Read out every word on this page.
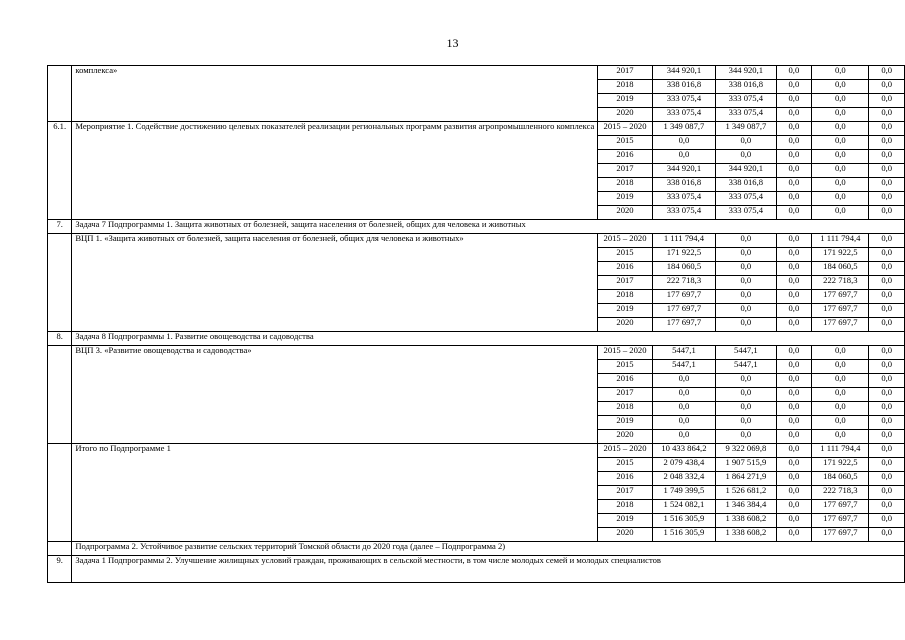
13
	комплекса»	2017	344 920,1	344 920,1	0,0	0,0	0,0
		2018	338 016,8	338 016,8	0,0	0,0	0,0
		2019	333 075,4	333 075,4	0,0	0,0	0,0
		2020	333 075,4	333 075,4	0,0	0,0	0,0
6.1.	Мероприятие 1. Содействие достижению целевых показателей реализации региональных программ развития агропромышленного комплекса	2015 – 2020	1 349 087,7	1 349 087,7	0,0	0,0	0,0
		2015	0,0	0,0	0,0	0,0	0,0
		2016	0,0	0,0	0,0	0,0	0,0
		2017	344 920,1	344 920,1	0,0	0,0	0,0
		2018	338 016,8	338 016,8	0,0	0,0	0,0
		2019	333 075,4	333 075,4	0,0	0,0	0,0
		2020	333 075,4	333 075,4	0,0	0,0	0,0
7.	Задача 7 Подпрограммы 1. Защита животных от болезней, защита населения от болезней, общих для человека и животных						
	ВЦП 1. «Защита животных от болезней, защита населения от болезней, общих для человека и животных»	2015 – 2020	1 111 794,4	0,0	0,0	1 111 794,4	0,0
		2015	171 922,5	0,0	0,0	171 922,5	0,0
		2016	184 060,5	0,0	0,0	184 060,5	0,0
		2017	222 718,3	0,0	0,0	222 718,3	0,0
		2018	177 697,7	0,0	0,0	177 697,7	0,0
		2019	177 697,7	0,0	0,0	177 697,7	0,0
		2020	177 697,7	0,0	0,0	177 697,7	0,0
8.	Задача 8 Подпрограммы 1. Развитие овощеводства и садоводства						
	ВЦП 3. «Развитие овощеводства и садоводства»	2015 – 2020	5447,1	5447,1	0,0	0,0	0,0
		2015	5447,1	5447,1	0,0	0,0	0,0
		2016	0,0	0,0	0,0	0,0	0,0
		2017	0,0	0,0	0,0	0,0	0,0
		2018	0,0	0,0	0,0	0,0	0,0
		2019	0,0	0,0	0,0	0,0	0,0
		2020	0,0	0,0	0,0	0,0	0,0
	Итого по Подпрограмме 1	2015 – 2020	10 433 864,2	9 322 069,8	0,0	1 111 794,4	0,0
		2015	2 079 438,4	1 907 515,9	0,0	171 922,5	0,0
		2016	2 048 332,4	1 864 271,9	0,0	184 060,5	0,0
		2017	1 749 399,5	1 526 681,2	0,0	222 718,3	0,0
		2018	1 524 082,1	1 346 384,4	0,0	177 697,7	0,0
		2019	1 516 305,9	1 338 608,2	0,0	177 697,7	0,0
		2020	1 516 305,9	1 338 608,2	0,0	177 697,7	0,0
	Подпрограмма 2. Устойчивое развитие сельских территорий Томской области до 2020 года (далее – Подпрограмма 2)						
9.	Задача 1 Подпрограммы 2. Улучшение жилищных условий граждан, проживающих в сельской местности, в том числе молодых семей и молодых специалистов						
